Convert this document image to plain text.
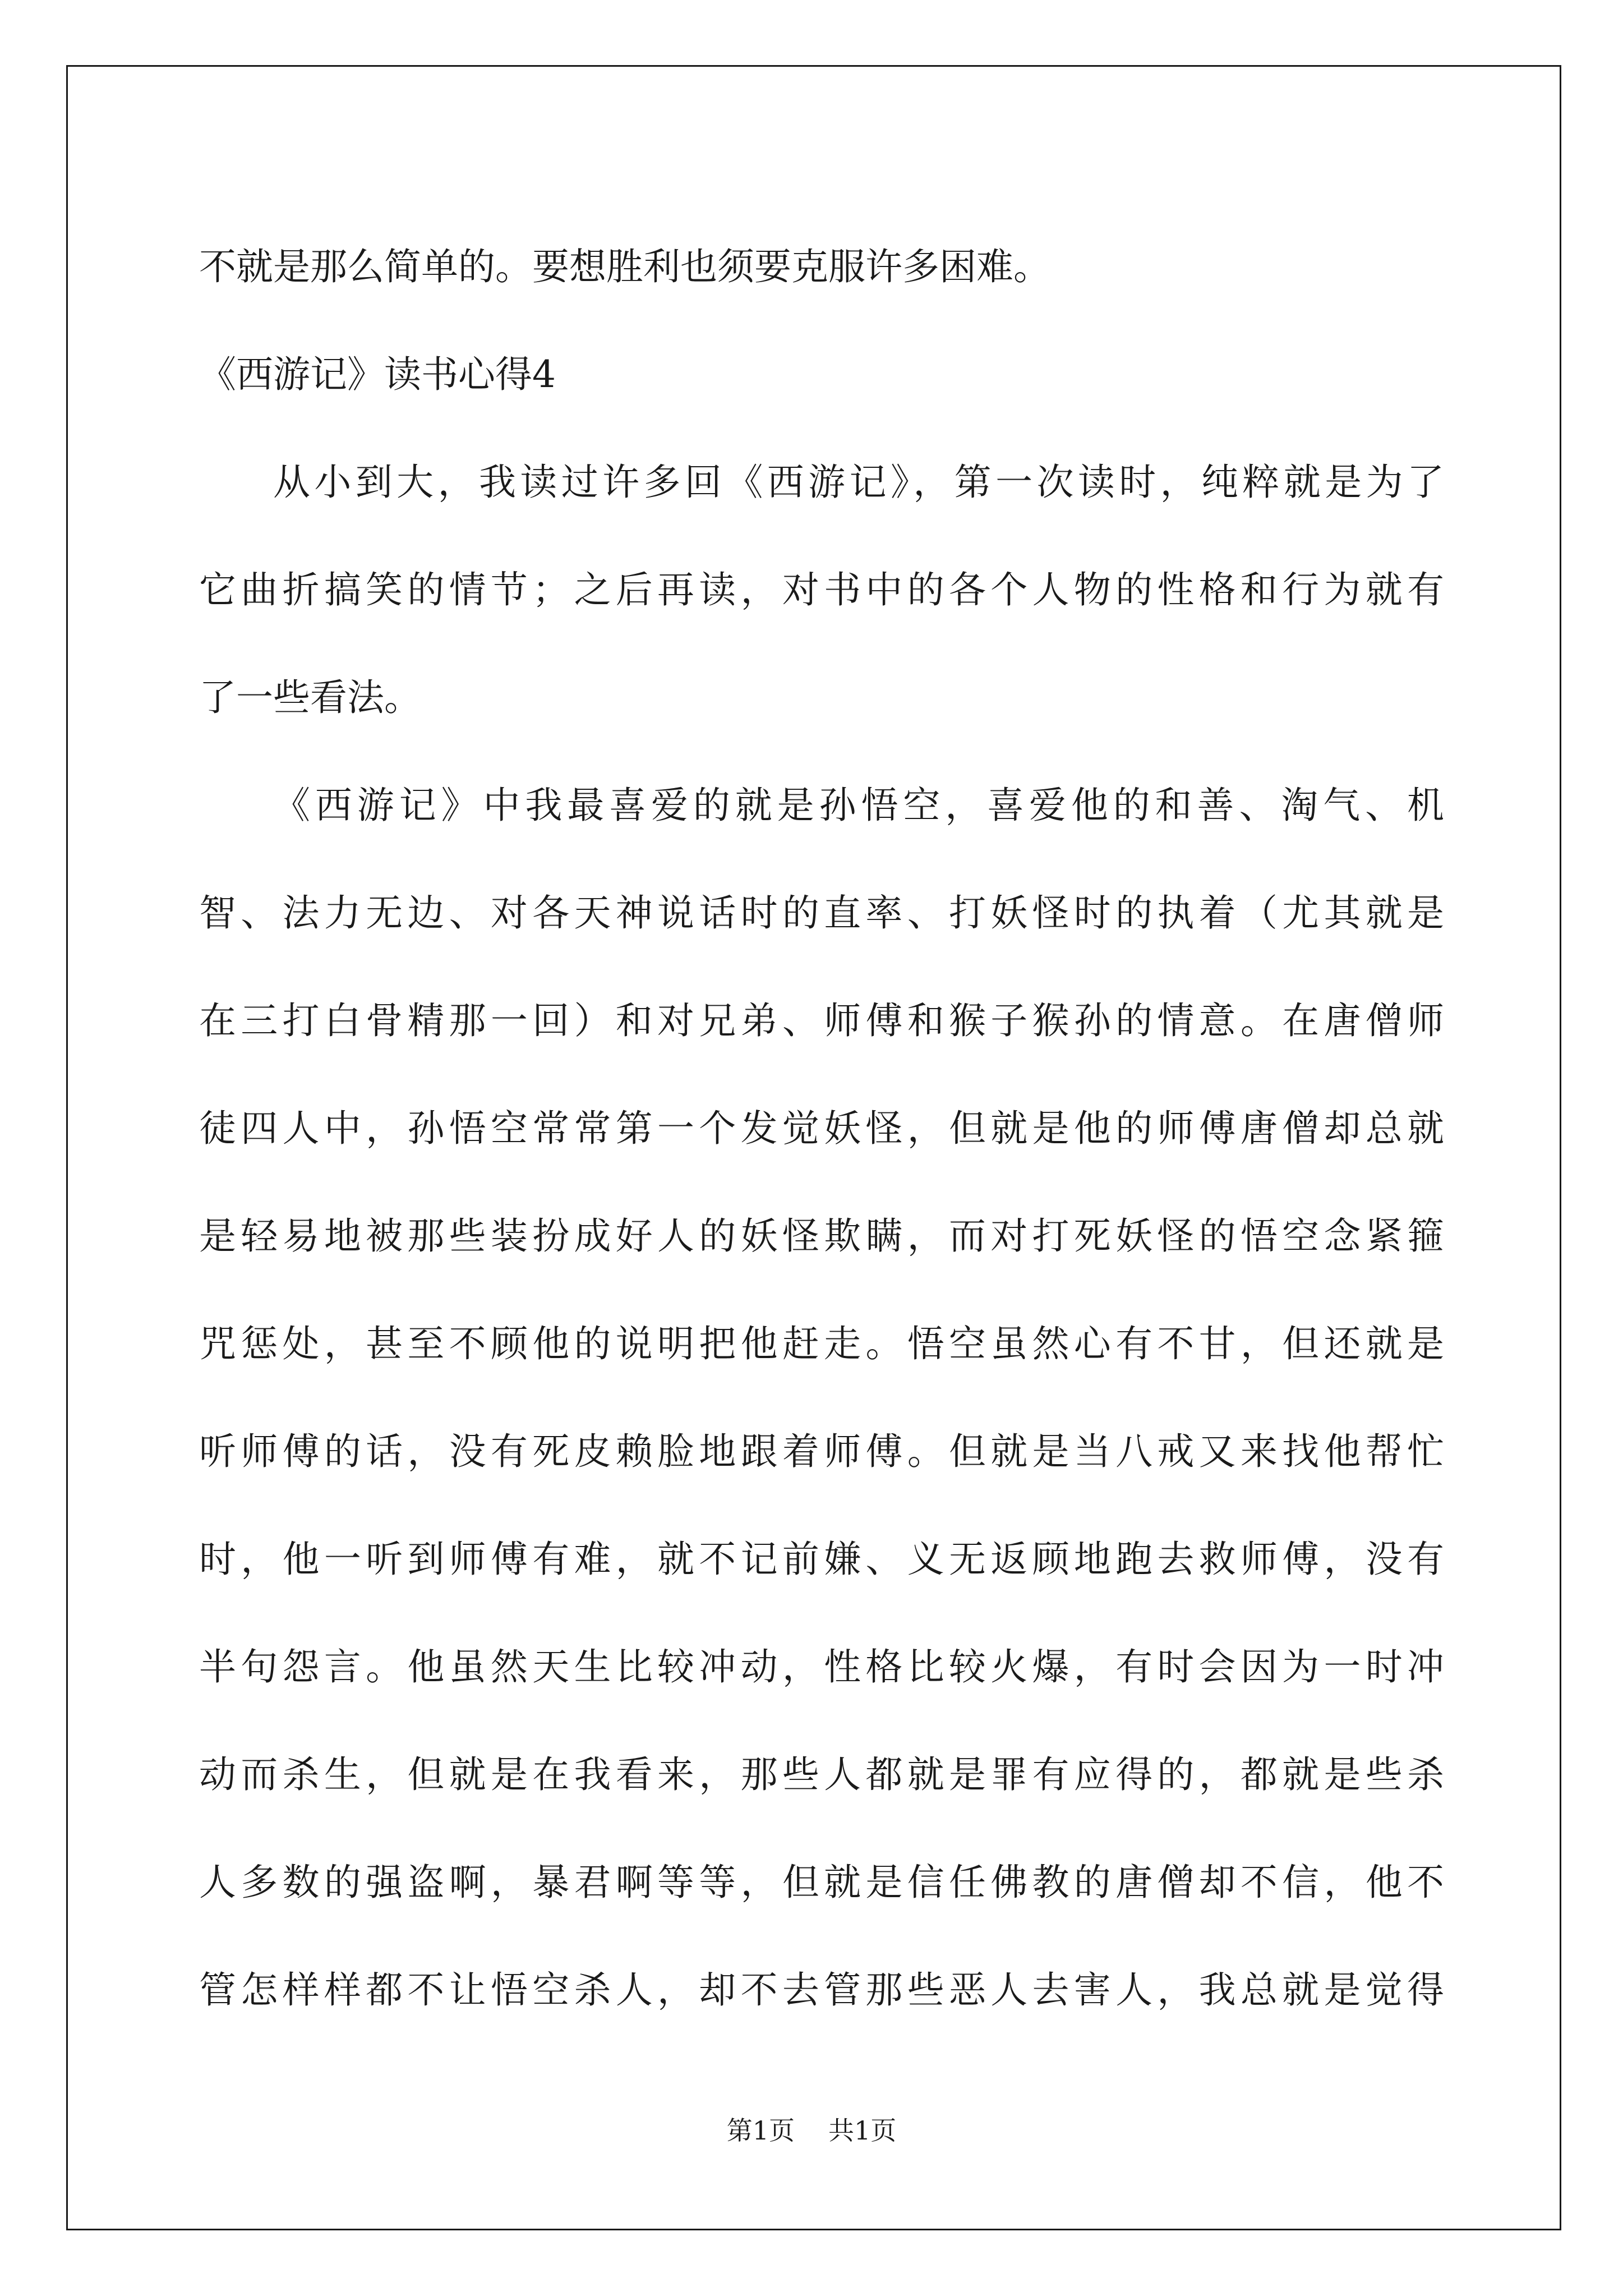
不就是那么简单的。要想胜利也须要克服许多困难。
《西游记》读书心得4
从小到大，我读过许多回《西游记》，第一次读时，纯粹就是为了
它曲折搞笑的情节；之后再读，对书中的各个人物的性格和行为就有
了一些看法。
《西游记》中我最喜爱的就是孙悟空，喜爱他的和善、淘气、机
智、法力无边、对各天神说话时的直率、打妖怪时的执着（尤其就是
在三打白骨精那一回）和对兄弟、师傅和猴子猴孙的情意。在唐僧师
徒四人中，孙悟空常常第一个发觉妖怪，但就是他的师傅唐僧却总就
是轻易地被那些装扮成好人的妖怪欺瞒，而对打死妖怪的悟空念紧箍
咒惩处，甚至不顾他的说明把他赶走。悟空虽然心有不甘，但还就是
听师傅的话，没有死皮赖脸地跟着师傅。但就是当八戒又来找他帮忙
时，他一听到师傅有难，就不记前嫌、义无返顾地跑去救师傅，没有
半句怨言。他虽然天生比较冲动，性格比较火爆，有时会因为一时冲
动而杀生，但就是在我看来，那些人都就是罪有应得的，都就是些杀
人多数的强盗啊，暴君啊等等，但就是信任佛教的唐僧却不信，他不
管怎样样都不让悟空杀人，却不去管那些恶人去害人，我总就是觉得
第1页 共1页
